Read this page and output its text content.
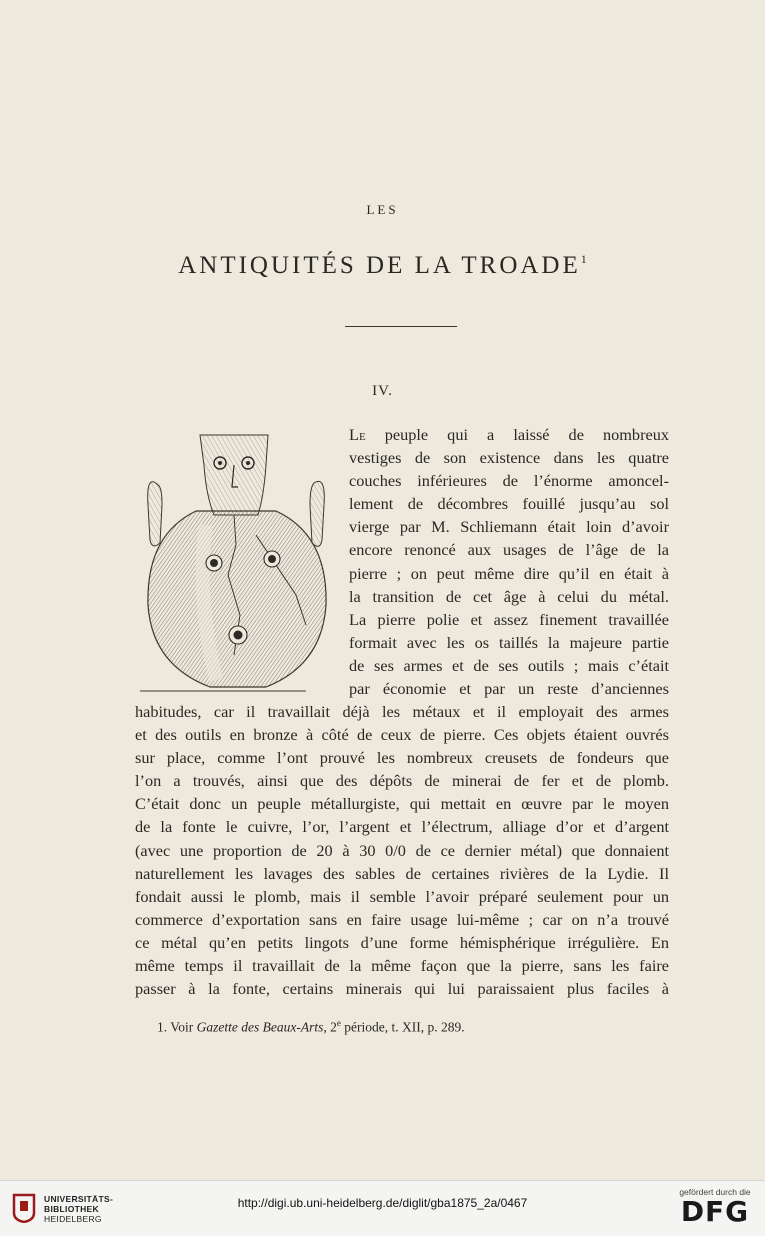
LES
ANTIQUITÉS DE LA TROADE$^1$
IV.
Le peuple qui a laissé de nombreux
vestiges de son existence dans les quatre
couches inférieures de l’énorme amoncel-
lement de décombres fouillé jusqu’au sol
vierge par M. Schliemann était loin d’avoir
encore renoncé aux usages de l’âge de la
pierre ; on peut même dire qu’il en était à
la transition de cet âge à celui du métal.
La pierre polie et assez finement travaillée
formait avec les os taillés la majeure partie
de ses armes et de ses outils ; mais c’était
par économie et par un reste d’anciennes
habitudes, car il travaillait déjà les métaux et il employait des armes
et des outils en bronze à côté de ceux de pierre. Ces objets étaient ouvrés
sur place, comme l’ont prouvé les nombreux creusets de fondeurs que
l’on a trouvés, ainsi que des dépôts de minerai de fer et de plomb.
C’était donc un peuple métallurgiste, qui mettait en œuvre par le moyen
de la fonte le cuivre, l’or, l’argent et l’électrum, alliage d’or et d’argent
(avec une proportion de 20 à 30 0/0 de ce dernier métal) que donnaient
naturellement les lavages des sables de certaines rivières de la Lydie. Il
fondait aussi le plomb, mais il semble l’avoir préparé seulement pour un
commerce d’exportation sans en faire usage lui-même ; car on n’a trouvé
ce métal qu’en petits lingots d’une forme hémisphérique irrégulière. En
même temps il travaillait de la même façon que la pierre, sans les faire
passer à la fonte, certains minerais qui lui paraissaient plus faciles à
1. Voir Gazette des Beaux-Arts, 2e période, t. XII, p. 289.
UNIVERSITÄTS-
BIBLIOTHEK
HEIDELBERG
http://digi.ub.uni-heidelberg.de/diglit/gba1875_2a/0467
gefördert durch die
DFG
